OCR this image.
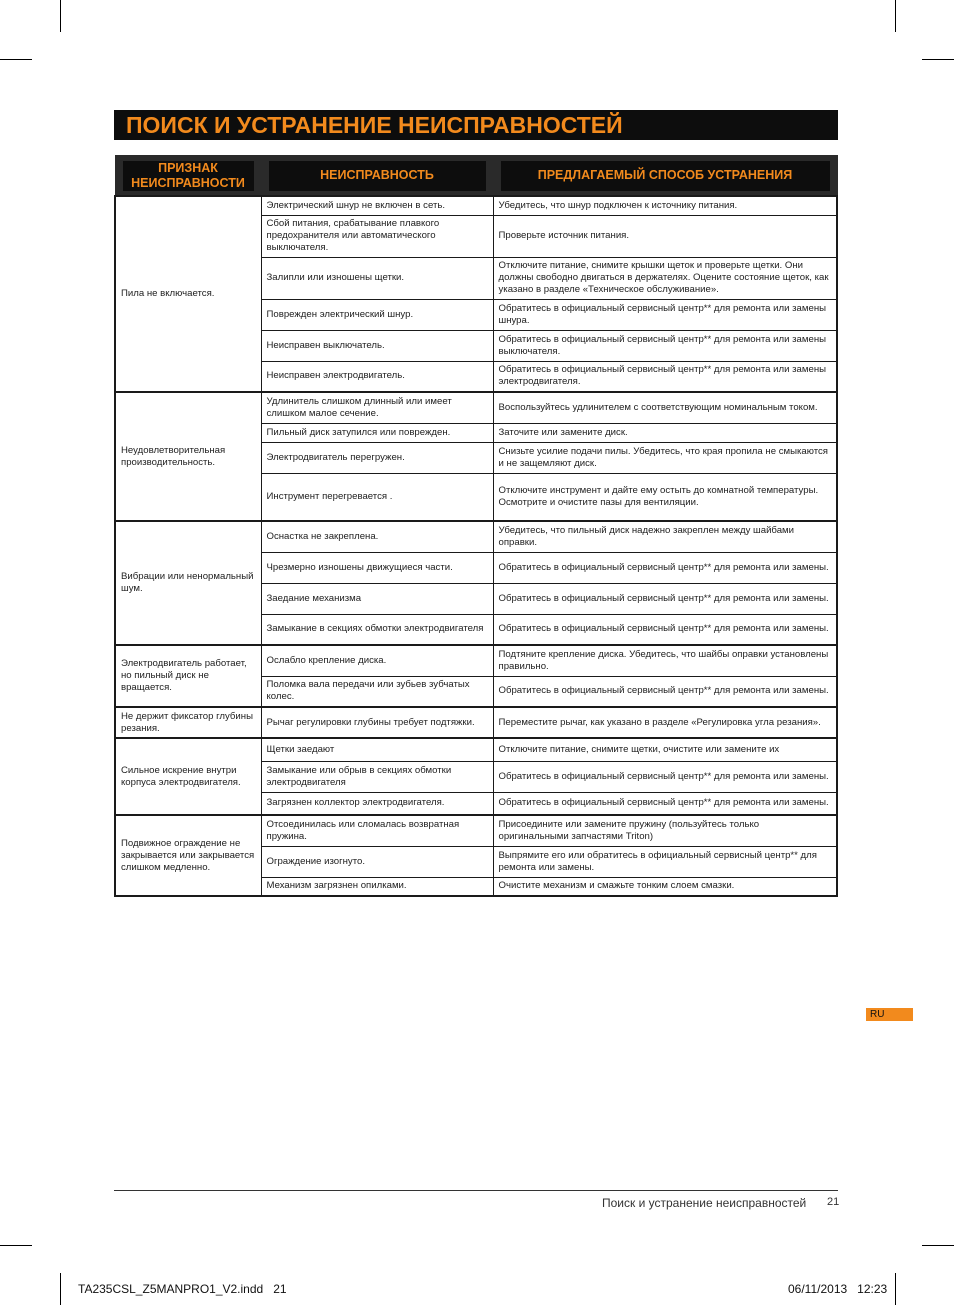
ПОИСК И УСТРАНЕНИЕ НЕИСПРАВНОСТЕЙ
ПРИЗНАК НЕИСПРАВНОСТИ	НЕИСПРАВНОСТЬ	ПРЕДЛАГАЕМЫЙ СПОСОБ УСТРАНЕНИЯ

Пила не включается.	Электрический шнур не включен в сеть.	Убедитесь, что шнур подключен к источнику питания.
	Сбой питания, срабатывание плавкого предохранителя или автоматического выключателя.	Проверьте источник питания.
	Залипли или изношены щетки.	Отключите питание, снимите крышки щеток и проверьте щетки. Они должны свободно двигаться в держателях. Оцените состояние щеток, как указано в разделе «Техническое обслуживание».
	Поврежден электрический шнур.	Обратитесь в официальный сервисный центр** для ремонта или замены шнура.
	Неисправен выключатель.	Обратитесь в официальный сервисный центр** для ремонта или замены выключателя.
	Неисправен электродвигатель.	Обратитесь в официальный сервисный центр** для ремонта или замены электродвигателя.
Неудовлетворительная производительность.	Удлинитель слишком длинный или имеет слишком малое сечение.	Воспользуйтесь удлинителем с соответствующим номинальным током.
	Пильный диск затупился или поврежден.	Заточите или замените диск.
	Электродвигатель перегружен.	Снизьте усилие подачи пилы. Убедитесь, что края пропила не смыкаются и не защемляют диск.
	Инструмент перегревается .	Отключите инструмент и дайте ему остыть до комнатной температуры. Осмотрите и очистите пазы для вентиляции.
Вибрации или ненормальный шум.	Оснастка не закреплена.	Убедитесь, что пильный диск надежно закреплен между шайбами оправки.
	Чрезмерно изношены движущиеся части.	Обратитесь в официальный сервисный центр** для ремонта или замены.
	Заедание механизма	Обратитесь в официальный сервисный центр** для ремонта или замены.
	Замыкание в секциях обмотки электродвигателя	Обратитесь в официальный сервисный центр** для ремонта или замены.
Электродвигатель работает, но пильный диск не вращается.	Ослабло крепление диска.	Подтяните крепление диска. Убедитесь, что шайбы оправки установлены правильно.
	Поломка вала передачи или зубьев зубчатых колес.	Обратитесь в официальный сервисный центр** для ремонта или замены.
Не держит фиксатор глубины резания.	Рычаг регулировки глубины требует подтяжки.	Переместите рычаг, как указано в разделе «Регулировка угла резания».
Сильное искрение внутри корпуса электродвигателя.	Щетки заедают	Отключите питание, снимите щетки, очистите или замените их
	Замыкание или обрыв в секциях обмотки электродвигателя	Обратитесь в официальный сервисный центр** для ремонта или замены.
	Загрязнен коллектор электродвигателя.	Обратитесь в официальный сервисный центр** для ремонта или замены.
Подвижное ограждение не закрывается или закрывается слишком медленно.	Отсоединилась или сломалась возвратная пружина.	Присоедините или замените пружину (пользуйтесь только оригинальными запчастями Triton)
	Ограждение изогнуто.	Выпрямите его или обратитесь в официальный сервисный центр** для ремонта или замены.
	Механизм загрязнен опилками.	Очистите механизм и смажьте тонким слоем смазки.
RU
Поиск и устранение неисправностей 21
TA235CSL_Z5MANPRO1_V2.indd   21	06/11/2013   12:23
